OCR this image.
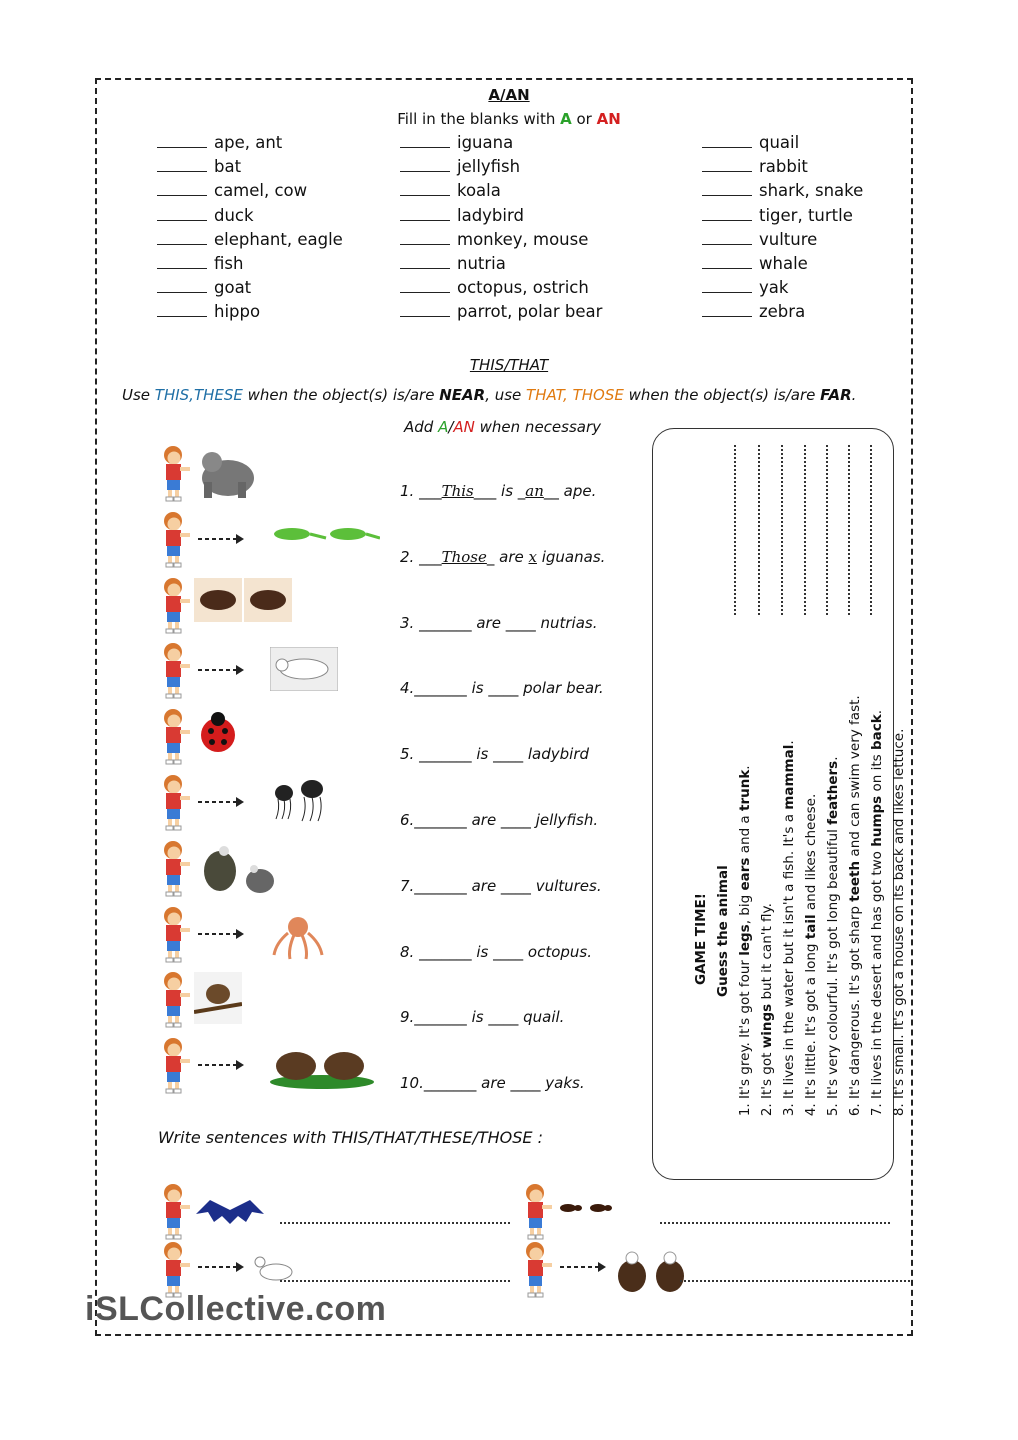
A/AN
Fill in the blanks with A or AN
ape, ant
bat
camel, cow
duck
elephant, eagle
fish
goat
hippo
iguana
jellyfish
koala
ladybird
monkey, mouse
nutria
octopus, ostrich
parrot, polar bear
quail
rabbit
shark, snake
tiger, turtle
vulture
whale
yak
zebra
THIS/THAT
Use THIS,THESE when the object(s) is/are NEAR, use THAT, THOSE when the object(s) is/are FAR.
Add A/AN when necessary
1. ___This___ is _an__ ape.
2. ___Those_ are x iguanas.
3. _______ are ____ nutrias.
4._______ is ____ polar bear.
5. _______ is ____ ladybird
6._______ are ____ jellyfish.
7._______ are ____ vultures.
8. _______ is ____ octopus.
9._______ is ____ quail.
10._______ are ____ yaks.
GAME TIME! Guess the animal
1. It's grey. It's got four legs, big ears and a trunk.
2. It's got wings but it can't fly. 3. It lives in the water but it isn't a fish. It's a mammal.
4. It's little. It's got a long tail and likes cheese. 5. It's very colourful. It's got long beautiful feathers.
6. It's dangerous. It's got sharp teeth and can swim very fast.
7. It lives in the desert and has got two humps on its back.
8. It's small. It's got a house on its back and likes lettuce.
Write sentences with THIS/THAT/THESE/THOSE :
iSLCollective.com
